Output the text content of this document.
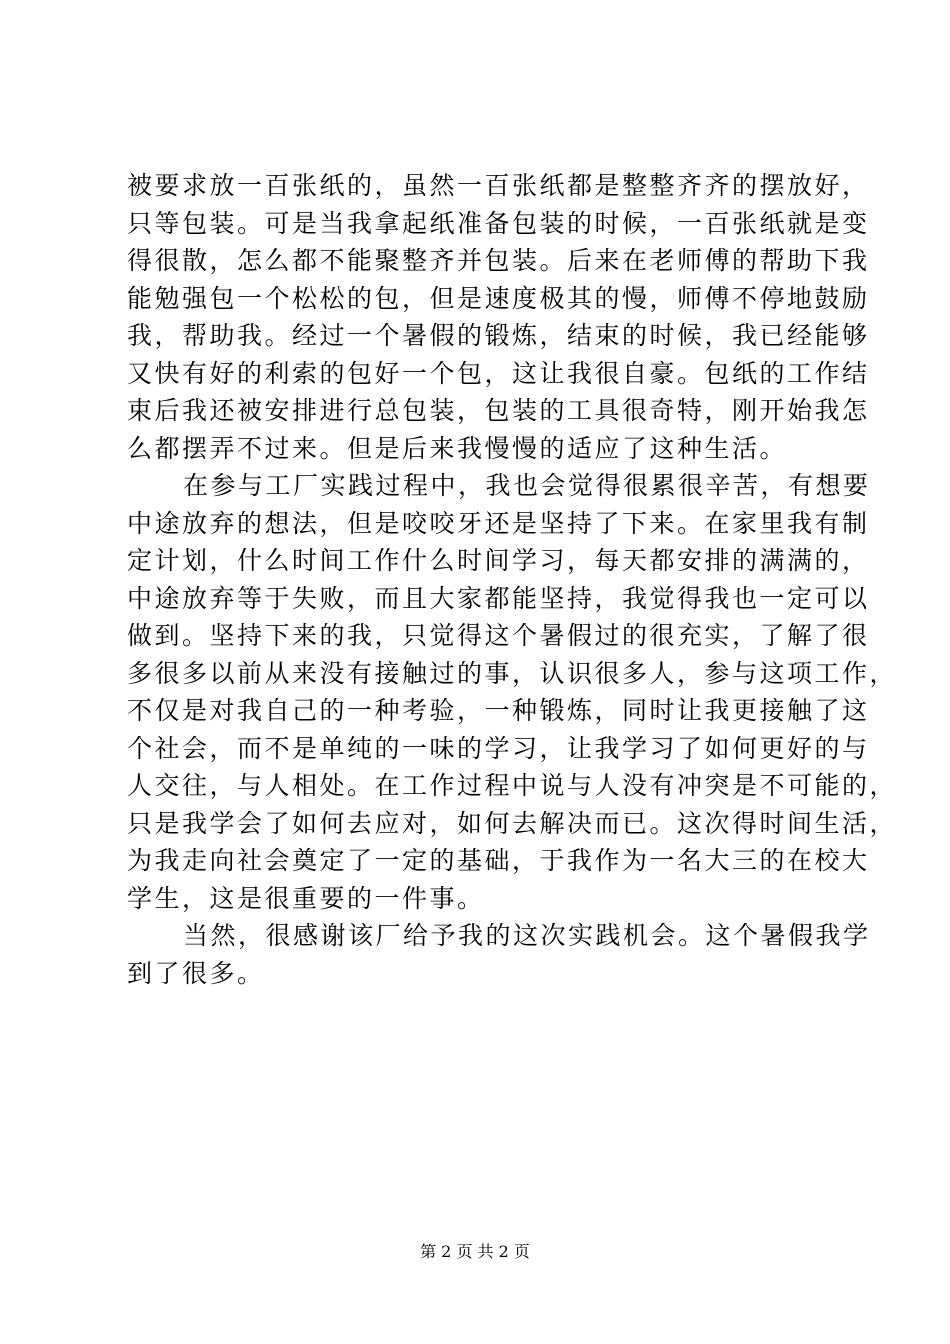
被要求放一百张纸的，虽然一百张纸都是整整齐齐的摆放好，
只等包装。可是当我拿起纸准备包装的时候，一百张纸就是变
得很散，怎么都不能聚整齐并包装。后来在老师傅的帮助下我
能勉强包一个松松的包，但是速度极其的慢，师傅不停地鼓励
我，帮助我。经过一个暑假的锻炼，结束的时候，我已经能够
又快有好的利索的包好一个包，这让我很自豪。包纸的工作结
束后我还被安排进行总包装，包装的工具很奇特，刚开始我怎
么都摆弄不过来。但是后来我慢慢的适应了这种生活。
在参与工厂实践过程中，我也会觉得很累很辛苦，有想要
中途放弃的想法，但是咬咬牙还是坚持了下来。在家里我有制
定计划，什么时间工作什么时间学习，每天都安排的满满的，
中途放弃等于失败，而且大家都能坚持，我觉得我也一定可以
做到。坚持下来的我，只觉得这个暑假过的很充实，了解了很
多很多以前从来没有接触过的事，认识很多人，参与这项工作，
不仅是对我自己的一种考验，一种锻炼，同时让我更接触了这
个社会，而不是单纯的一味的学习，让我学习了如何更好的与
人交往，与人相处。在工作过程中说与人没有冲突是不可能的，
只是我学会了如何去应对，如何去解决而已。这次得时间生活，
为我走向社会奠定了一定的基础，于我作为一名大三的在校大
学生，这是很重要的一件事。
当然，很感谢该厂给予我的这次实践机会。这个暑假我学
到了很多。
第 2 页 共 2 页
